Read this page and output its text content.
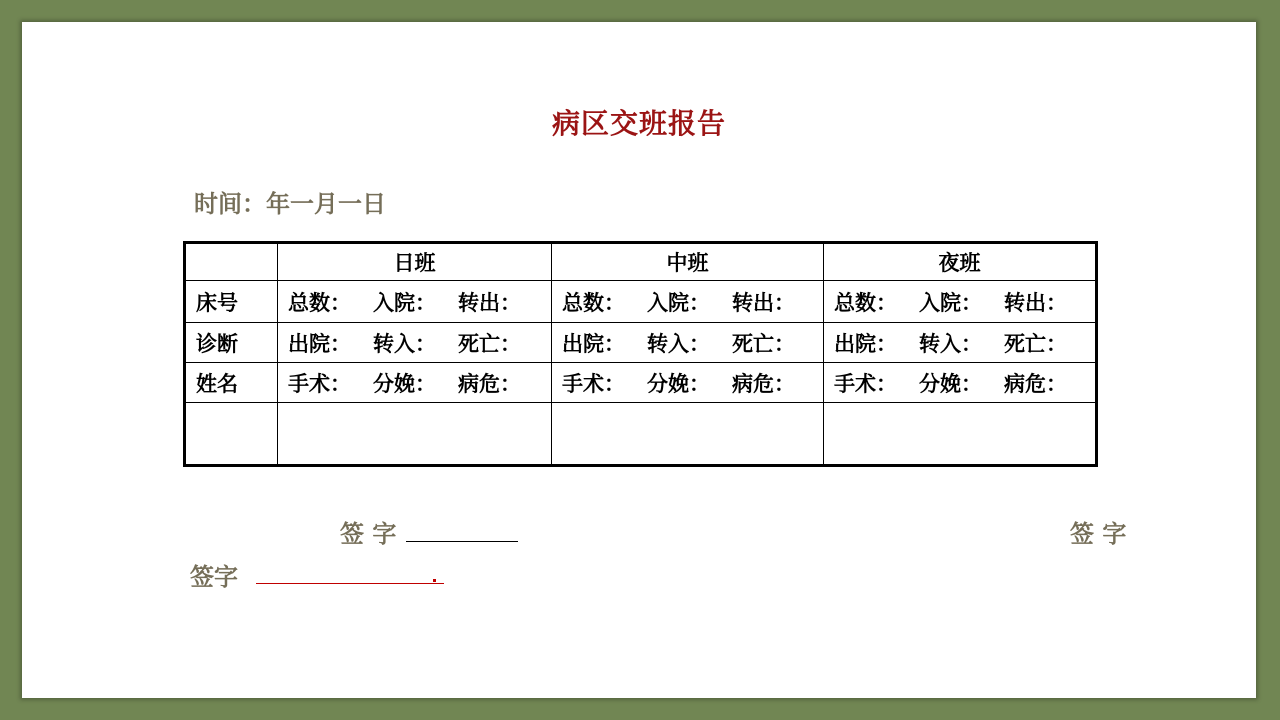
病区交班报告
时间：年一月一日
	日班	中班	夜班
床号	总数： 入院： 转出：	总数： 入院： 转出：	总数： 入院： 转出：
诊断	出院： 转入： 死亡：	出院： 转入： 死亡：	出院： 转入： 死亡：
姓名	手术： 分娩： 病危：	手术： 分娩： 病危：	手术： 分娩： 病危：

签 字	签 字
签字
